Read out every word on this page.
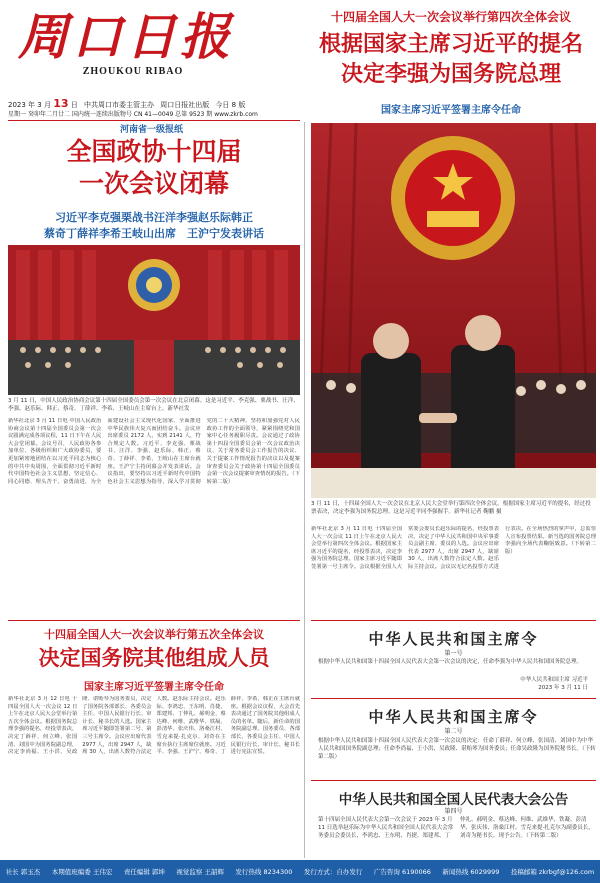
周口日报
ZHOUKOU RIBAO
2023 年 3 月 13 日 中共周口市委主管主办 周口日报社出版 今日 8 版
星期一 癸卯年二月廿二 国内统一连续出版物号 CN 41—0049 总第 9523 期 www.zkrb.com
河南省一级报纸
十四届全国人大一次会议举行第四次全体会议
根据国家主席习近平的提名
决定李强为国务院总理
国家主席习近平签署主席令任命
3 月 11 日，十四届全国人大一次会议在北京人民大会堂举行第四次全体会议。根据国家主席习近平的提名，经过投票表决，决定李强为国务院总理。这是习近平同李强握手。新华社记者 鞠鹏 摄
新华社北京 3 月 11 日电 十四届全国人大一次会议 11 日上午在北京人民大会堂举行第四次全体会议。根据国家主席习近平的提名，经投票表决，决定李强为国务院总理。国家主席习近平随即签署第一号主席令。会议根据全国人大常委会委员长赵乐际的提名，经投票表决，决定了中华人民共和国中央军事委员会副主席、委员的人选。会议应出席代表 2977 人，出席 2947 人，缺席 30 人，出席人数符合法定人数。赵乐际主持会议。会议以无记名投票方式进行表决。在全场热烈的掌声中，总监票人宣布投票结果。新当选的国务院总理李强向全场代表鞠躬致意。（下转第二版）
中华人民共和国主席令
第一号
根据中华人民共和国第十四届全国人民代表大会第一次会议的决定，任命李强为中华人民共和国国务院总理。
中华人民共和国主席 习近平
2023 年 3 月 11 日
中华人民共和国主席令
第二号
根据中华人民共和国第十四届全国人民代表大会第一次会议的决定：任命丁薛祥、何立峰、张国清、刘国中为中华人民共和国国务院副总理；任命李尚福、王小洪、吴政隆、谌贻琴为国务委员；任命吴政隆为国务院秘书长。（下转第二版）
中华人民共和国全国人民代表大会公告
第四号
第十四届全国人民代表大会第一次会议于 2023 年 3 月 11 日选举赵乐际为中华人民共和国全国人民代表大会常务委员会委员长，李鸿忠、王东明、肖捷、郑建邦、丁仲礼、郝明金、蔡达峰、何维、武维华、铁凝、彭清华、张庆伟、洛桑江村、雪克来提·扎克尔为副委员长，刘奇为秘书长。现予公告。（下转第二版）
全国政协十四届
一次会议闭幕
习近平李克强栗战书汪洋李强赵乐际韩正
蔡奇丁薛祥李希王岐山出席　王沪宁发表讲话
3 月 11 日，中国人民政治协商会议第十四届全国委员会第一次会议在北京闭幕。这是习近平、李克强、栗战书、汪洋、李强、赵乐际、韩正、蔡奇、丁薛祥、李希、王岐山在主席台上。新华社发
新华社北京 3 月 11 日电 中国人民政治协商会议第十四届全国委员会第一次会议圆满完成各项议程，11 日下午在人民大会堂闭幕。会议号召，人民政协各参加单位、各级组织和广大政协委员，要更加紧密地团结在以习近平同志为核心的中共中央周围，全面贯彻习近平新时代中国特色社会主义思想，坚定信心、同心同德、埋头苦干、奋勇前进，为全面建设社会主义现代化国家、全面推进中华民族伟大复兴而团结奋斗。会议应出席委员 2172 人，实到 2141 人，符合规定人数。习近平、李克强、栗战书、汪洋、李强、赵乐际、韩正、蔡奇、丁薛祥、李希、王岐山在主席台就座。王沪宁主持闭幕会并发表讲话。会议指出，要坚持以习近平新时代中国特色社会主义思想为指导，深入学习贯彻党的二十大精神，坚持和加强党对人民政协工作的全面领导，紧紧围绕党和国家中心任务履职尽责。会议通过了政协第十四届全国委员会第一次会议政治决议、关于常务委员会工作报告的决议、关于提案工作情况报告的决议以及提案审查委员会关于政协第十四届全国委员会第一次会议提案审查情况的报告。（下转第二版）
十四届全国人大一次会议举行第五次全体会议
决定国务院其他组成人员
国家主席习近平签署主席令任命
新华社北京 3 月 12 日电 十四届全国人大一次会议 12 日上午在北京人民大会堂举行第五次全体会议。根据国务院总理李强的提名，经投票表决，决定丁薛祥、何立峰、张国清、刘国中为国务院副总理，决定李尚福、王小洪、吴政隆、谌贻琴为国务委员，决定了国务院各部部长、各委员会主任、中国人民银行行长、审计长、秘书长的人选。国家主席习近平随即签署第二号、第三号主席令。会议应出席代表 2977 人，出席 2947 人，缺席 30 人，出席人数符合法定人数。赵乐际主持会议。赵乐际、李鸿忠、王东明、肖捷、郑建邦、丁仲礼、郝明金、蔡达峰、何维、武维华、铁凝、彭清华、张庆伟、洛桑江村、雪克来提·扎克尔、刘奇在主席台执行主席席位就座。习近平、李强、王沪宁、蔡奇、丁薛祥、李希、韩正在主席台就座。根据会议议程，大会首先表决通过了国务院其他组成人员的名单。随后，新任命的国务院副总理、国务委员、各部部长、各委员会主任、中国人民银行行长、审计长、秘书长进行宪法宣誓。
社长 郭玉杰 本期值班编委 王伟宏 责任编辑 郭坤 视觉监察 王韶辉 发行热线 8234300 发行方式：自办发行 广告咨询 6190066 新闻热线 6029999 投稿邮箱 zkrbgf@126.com
